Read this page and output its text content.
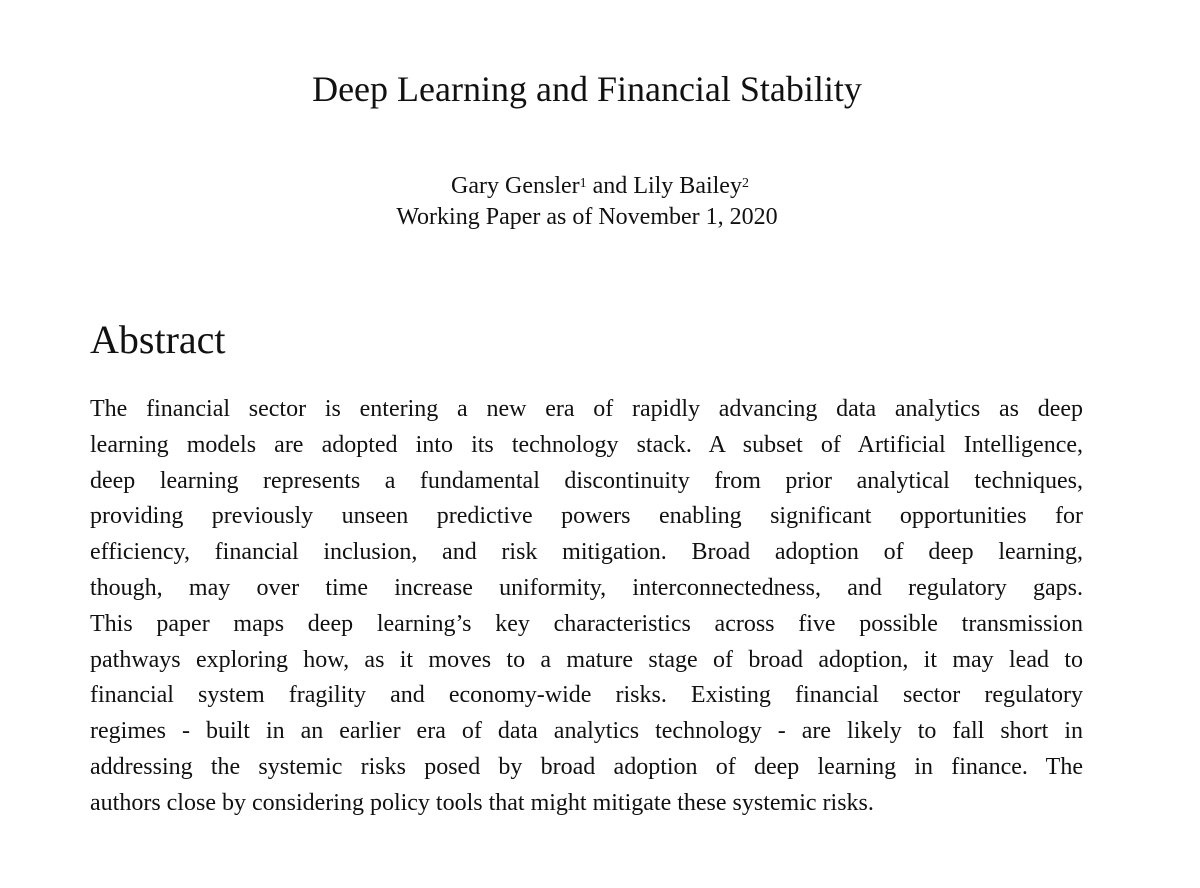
Deep Learning and Financial Stability
Gary Gensler$^1$ and Lily Bailey$^2$
Working Paper as of November 1, 2020
Abstract
The financial sector is entering a new era of rapidly advancing data analytics as deep
learning models are adopted into its technology stack. A subset of Artificial Intelligence,
deep learning represents a fundamental discontinuity from prior analytical techniques,
providing previously unseen predictive powers enabling significant opportunities for
efficiency, financial inclusion, and risk mitigation. Broad adoption of deep learning,
though, may over time increase uniformity, interconnectedness, and regulatory gaps.
This paper maps deep learning’s key characteristics across five possible transmission
pathways exploring how, as it moves to a mature stage of broad adoption, it may lead to
financial system fragility and economy-wide risks. Existing financial sector regulatory
regimes - built in an earlier era of data analytics technology - are likely to fall short in
addressing the systemic risks posed by broad adoption of deep learning in finance. The
authors close by considering policy tools that might mitigate these systemic risks.
